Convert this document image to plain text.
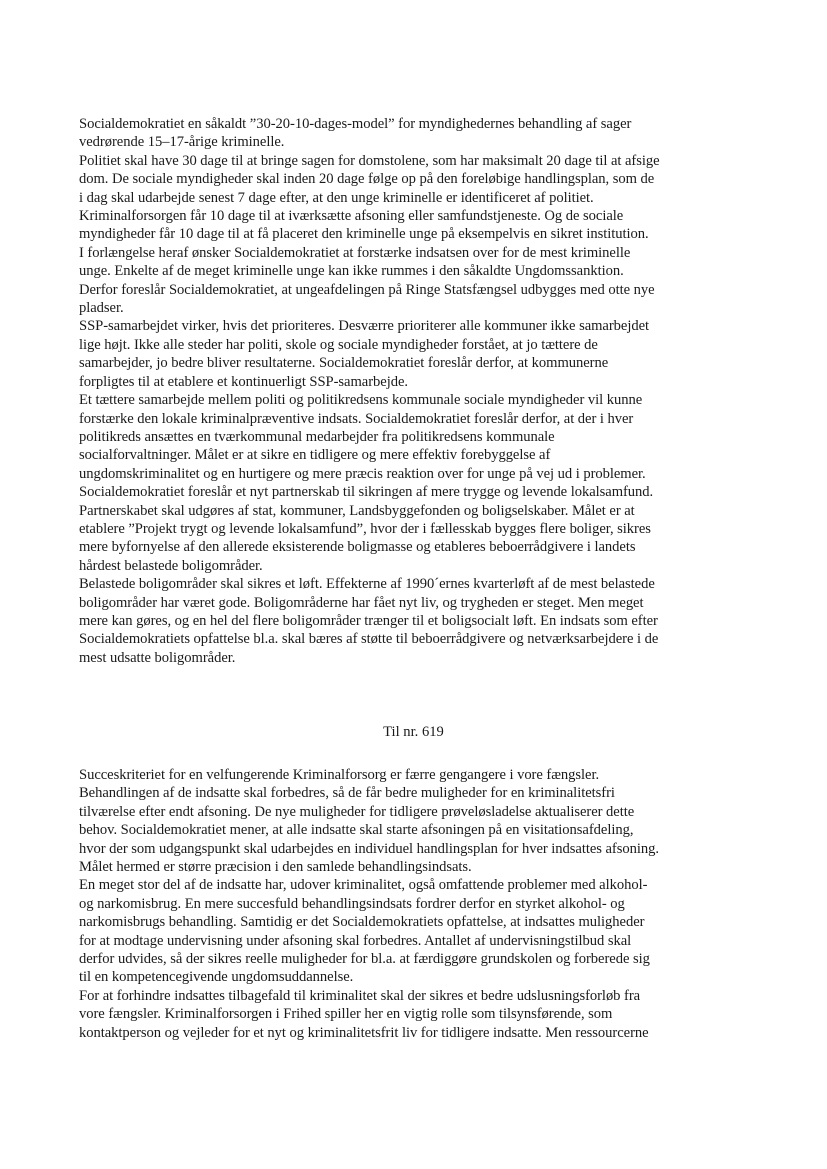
Socialdemokratiet en såkaldt ”30-20-10-dages-model” for myndighedernes behandling af sager
vedrørende 15–17-årige kriminelle.
Politiet skal have 30 dage til at bringe sagen for domstolene, som har maksimalt 20 dage til at afsige
dom. De sociale myndigheder skal inden 20 dage følge op på den foreløbige handlingsplan, som de
i dag skal udarbejde senest 7 dage efter, at den unge kriminelle er identificeret af politiet.
Kriminalforsorgen får 10 dage til at iværksætte afsoning eller samfundstjeneste. Og de sociale
myndigheder får 10 dage til at få placeret den kriminelle unge på eksempelvis en sikret institution.
I forlængelse heraf ønsker Socialdemokratiet at forstærke indsatsen over for de mest kriminelle
unge. Enkelte af de meget kriminelle unge kan ikke rummes i den såkaldte Ungdomssanktion.
Derfor foreslår Socialdemokratiet, at ungeafdelingen på Ringe Statsfængsel udbygges med otte nye
pladser.
SSP-samarbejdet virker, hvis det prioriteres. Desværre prioriterer alle kommuner ikke samarbejdet
lige højt. Ikke alle steder har politi, skole og sociale myndigheder forstået, at jo tættere de
samarbejder, jo bedre bliver resultaterne. Socialdemokratiet foreslår derfor, at kommunerne
forpligtes til at etablere et kontinuerligt SSP-samarbejde.
Et tættere samarbejde mellem politi og politikredsens kommunale sociale myndigheder vil kunne
forstærke den lokale kriminalpræventive indsats. Socialdemokratiet foreslår derfor, at der i hver
politikreds ansættes en tværkommunal medarbejder fra politikredsens kommunale
socialforvaltninger. Målet er at sikre en tidligere og mere effektiv forebyggelse af
ungdomskriminalitet og en hurtigere og mere præcis reaktion over for unge på vej ud i problemer.
Socialdemokratiet foreslår et nyt partnerskab til sikringen af mere trygge og levende lokalsamfund.
Partnerskabet skal udgøres af stat, kommuner, Landsbyggefonden og boligselskaber. Målet er at
etablere ”Projekt trygt og levende lokalsamfund”, hvor der i fællesskab bygges flere boliger, sikres
mere byfornyelse af den allerede eksisterende boligmasse og etableres beboerrådgivere i landets
hårdest belastede boligområder.
Belastede boligområder skal sikres et løft. Effekterne af 1990´ernes kvarterløft af de mest belastede
boligområder har været gode. Boligområderne har fået nyt liv, og trygheden er steget. Men meget
mere kan gøres, og en hel del flere boligområder trænger til et boligsocialt løft. En indsats som efter
Socialdemokratiets opfattelse bl.a. skal bæres af støtte til beboerrådgivere og netværksarbejdere i de
mest udsatte boligområder.
Til nr. 619
Succeskriteriet for en velfungerende Kriminalforsorg er færre gengangere i vore fængsler.
Behandlingen af de indsatte skal forbedres, så de får bedre muligheder for en kriminalitetsfri
tilværelse efter endt afsoning. De nye muligheder for tidligere prøveløsladelse aktualiserer dette
behov. Socialdemokratiet mener, at alle indsatte skal starte afsoningen på en visitationsafdeling,
hvor der som udgangspunkt skal udarbejdes en individuel handlingsplan for hver indsattes afsoning.
Målet hermed er større præcision i den samlede behandlingsindsats.
En meget stor del af de indsatte har, udover kriminalitet, også omfattende problemer med alkohol-
og narkomisbrug. En mere succesfuld behandlingsindsats fordrer derfor en styrket alkohol- og
narkomisbrugs behandling. Samtidig er det Socialdemokratiets opfattelse, at indsattes muligheder
for at modtage undervisning under afsoning skal forbedres. Antallet af undervisningstilbud skal
derfor udvides, så der sikres reelle muligheder for bl.a. at færdiggøre grundskolen og forberede sig
til en kompetencegivende ungdomsuddannelse.
For at forhindre indsattes tilbagefald til kriminalitet skal der sikres et bedre udslusningsforløb fra
vore fængsler. Kriminalforsorgen i Frihed spiller her en vigtig rolle som tilsynsførende, som
kontaktperson og vejleder for et nyt og kriminalitetsfrit liv for tidligere indsatte. Men ressourcerne
